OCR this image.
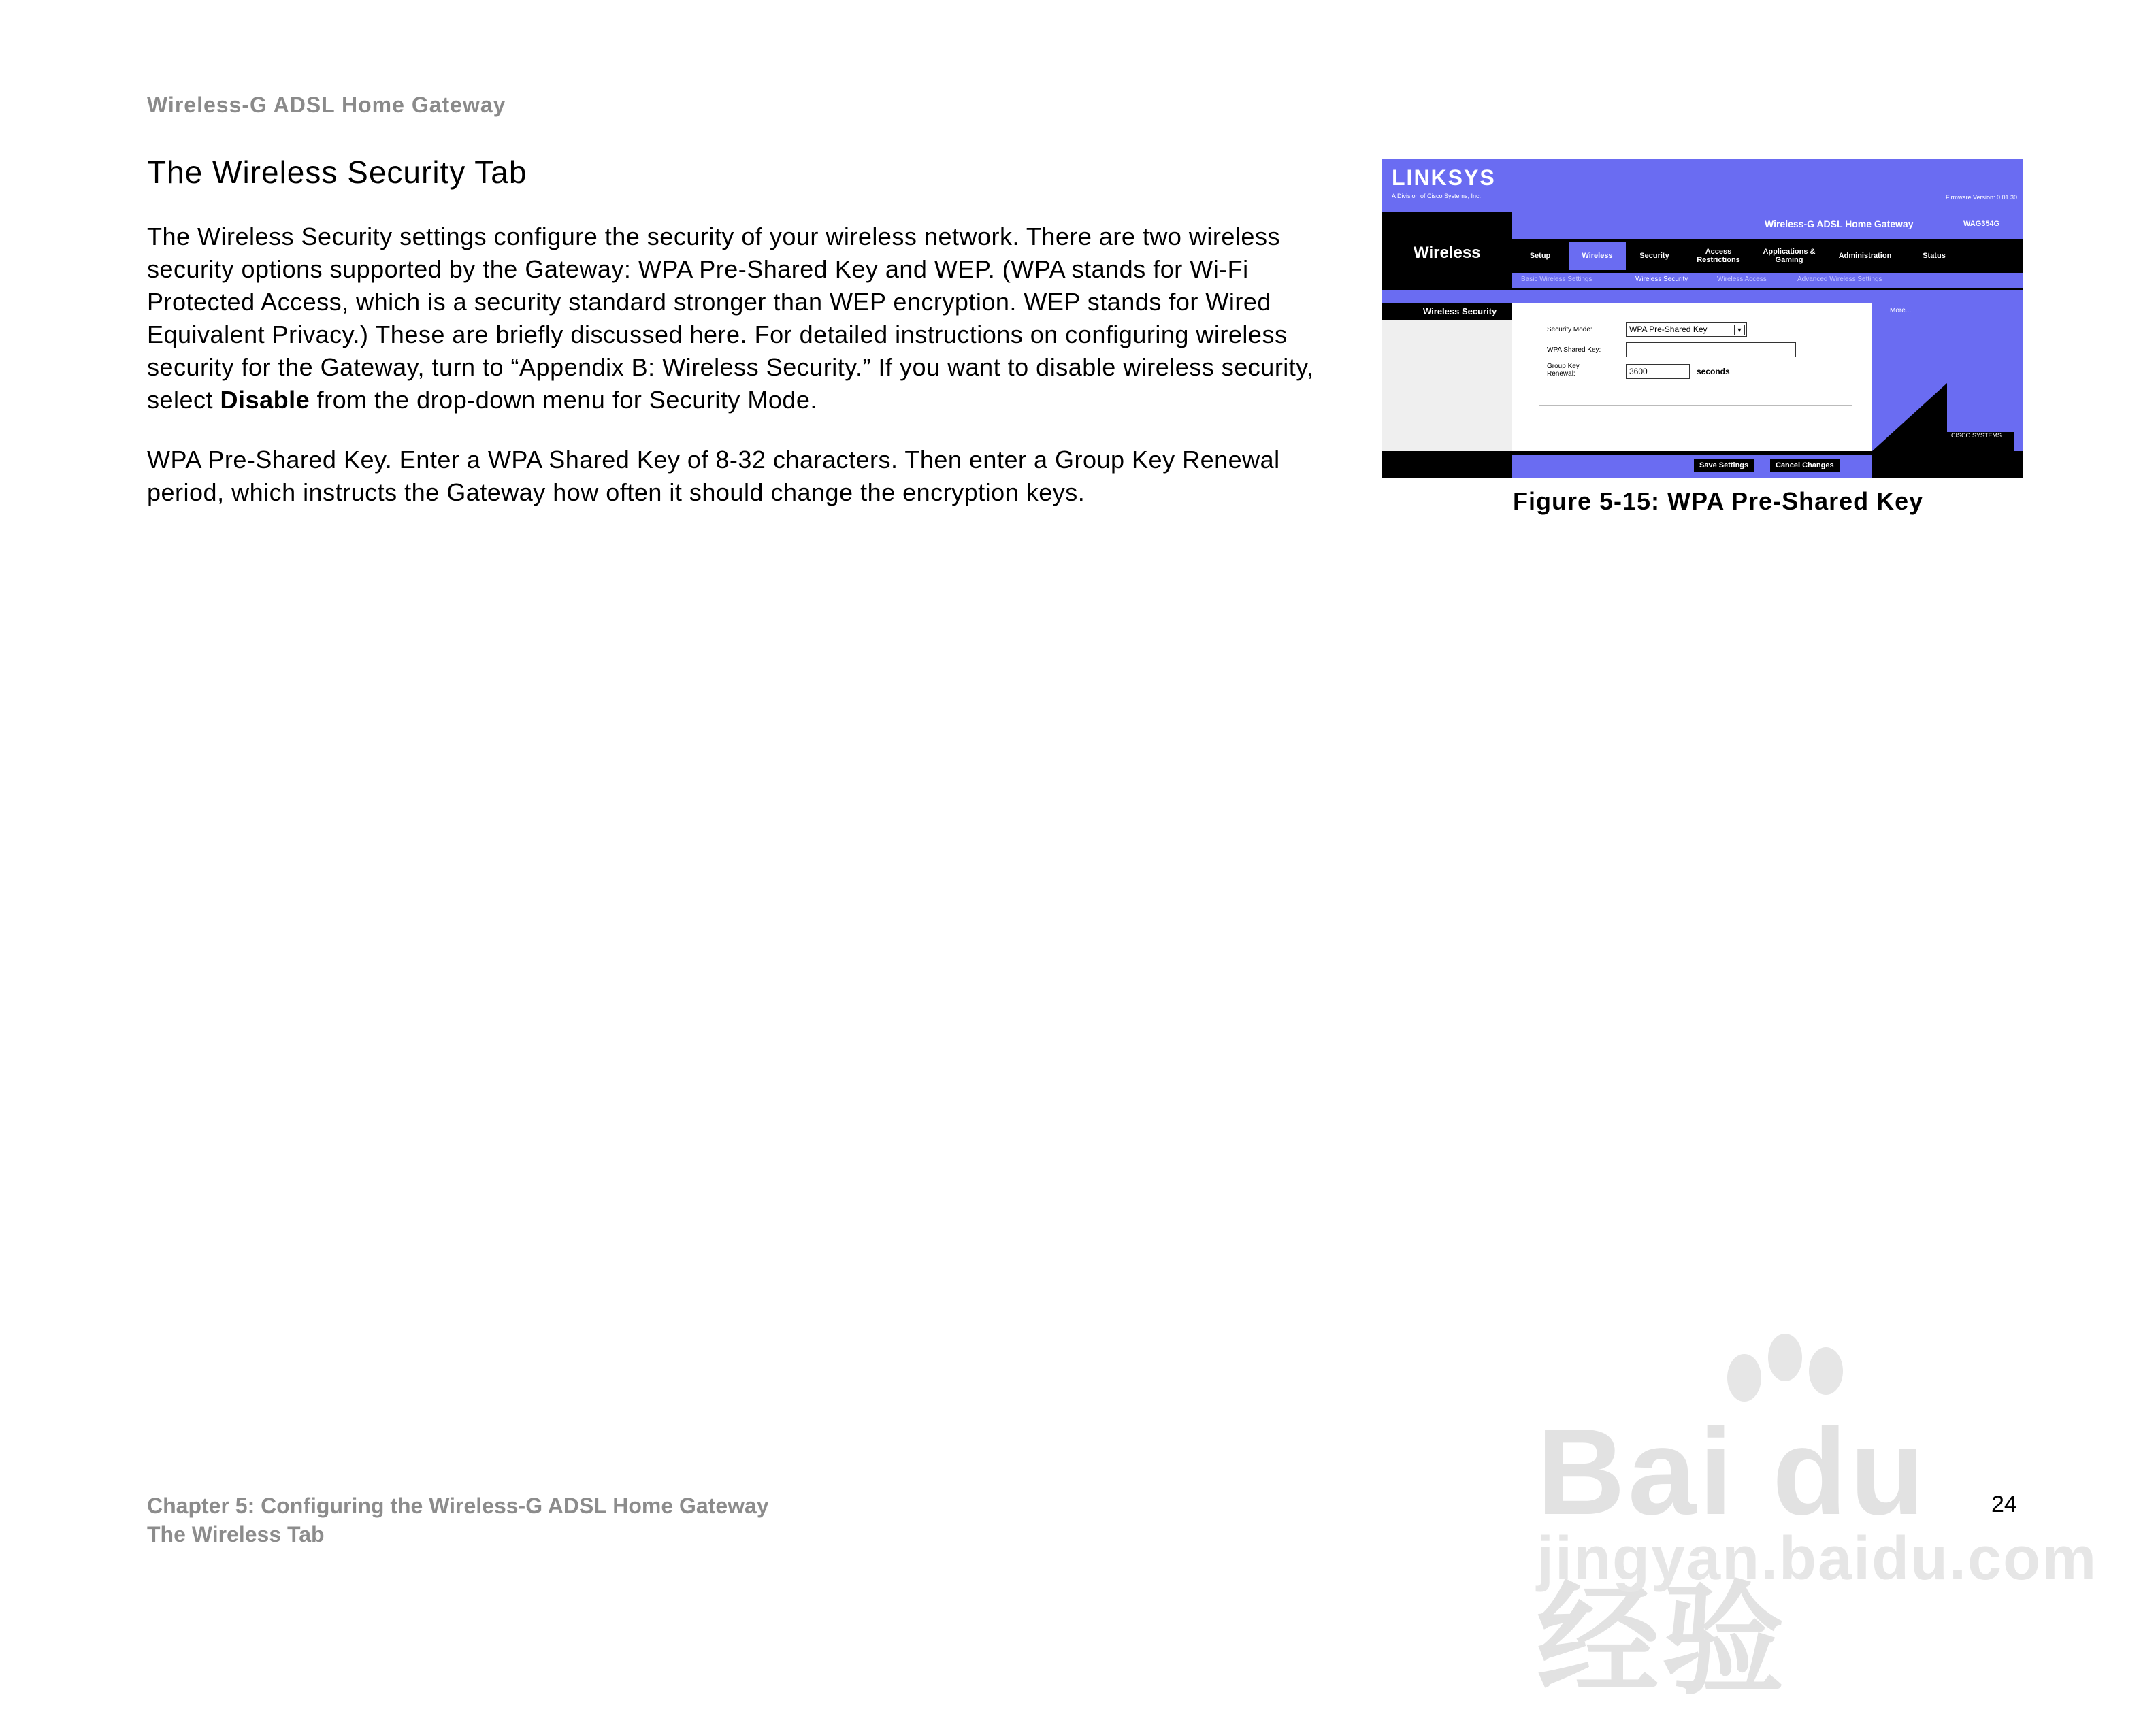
Wireless-G ADSL Home Gateway
The Wireless Security Tab

The Wireless Security settings configure the security of your wireless network. There are two wireless security options supported by the Gateway: WPA Pre-Shared Key and WEP. (WPA stands for Wi-Fi Protected Access, which is a security standard stronger than WEP encryption. WEP stands for Wired Equivalent Privacy.) These are briefly discussed here. For detailed instructions on configuring wireless security for the Gateway, turn to “Appendix B: Wireless Security.” If you want to disable wireless security, select Disable from the drop-down menu for Security Mode.

WPA Pre-Shared Key. Enter a WPA Shared Key of 8-32 characters. Then enter a Group Key Renewal period, which instructs the Gateway how often it should change the encryption keys.

LINKSYS
A Division of Cisco Systems, Inc.	Firmware Version: 0.01.30
Wireless
Wireless-G ADSL Home Gateway	WAG354G
Setup	Wireless	Security	Access Restrictions
Applications & Gaming	Administration	Status
Basic Wireless Settings	Wireless Security	Wireless Access	Advanced Wireless Settings
Wireless Security	More...
Security Mode:	WPA Pre-Shared Key	▼
WPA Shared Key:
Group Key Renewal:	3600	seconds
Save Settings	Cancel Changes
CISCO SYSTEMS
Figure 5-15: WPA Pre-Shared Key
Bai du 经验
jingyan.baidu.com
Chapter 5: Configuring the Wireless-G ADSL Home Gateway
The Wireless Tab
24
